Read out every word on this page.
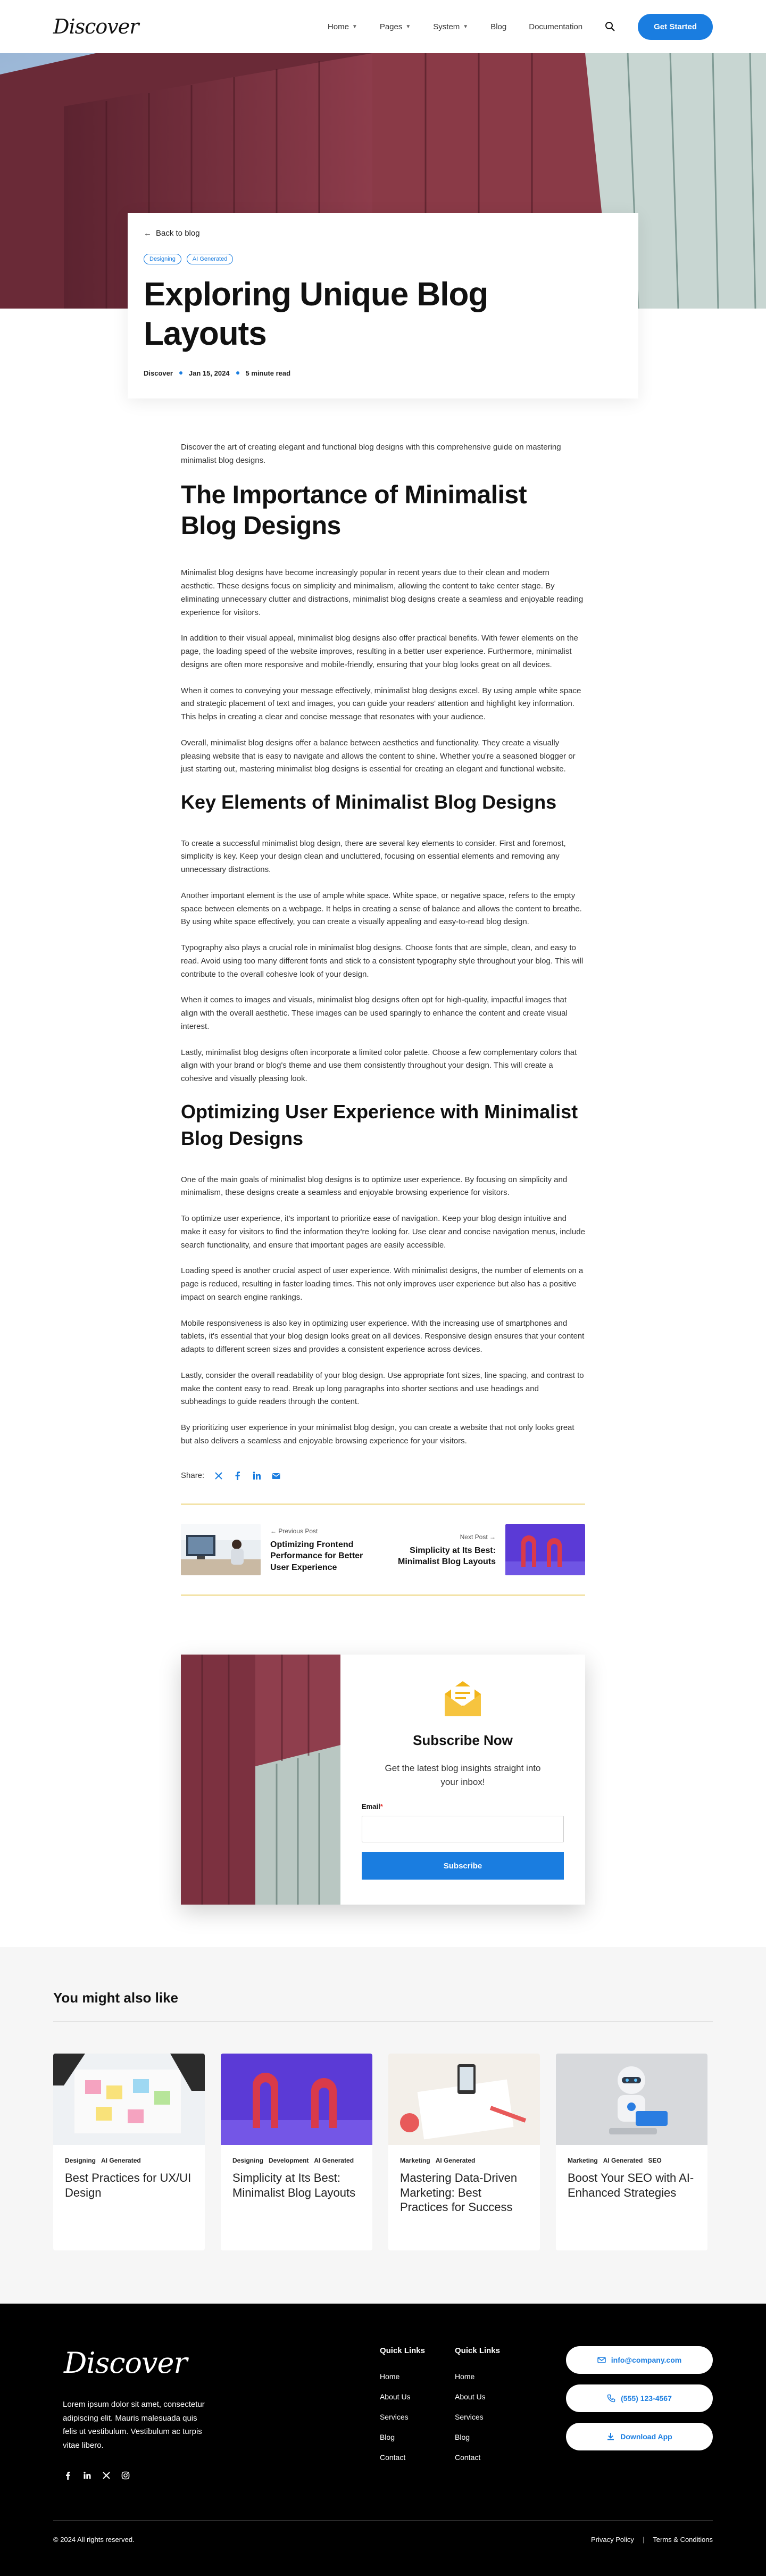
Discover	Home ▼	Pages ▼	System ▼	Blog	Documentation	Get Started
← Back to blog
Designing	AI Generated
Exploring Unique Blog Layouts
Discover Jan 15, 2024 5 minute read

Discover the art of creating elegant and functional blog designs with this comprehensive guide on mastering minimalist blog designs.

The Importance of Minimalist Blog Designs

Minimalist blog designs have become increasingly popular in recent years due to their clean and modern aesthetic. These designs focus on simplicity and minimalism, allowing the content to take center stage. By eliminating unnecessary clutter and distractions, minimalist blog designs create a seamless and enjoyable reading experience for visitors.

In addition to their visual appeal, minimalist blog designs also offer practical benefits. With fewer elements on the page, the loading speed of the website improves, resulting in a better user experience. Furthermore, minimalist designs are often more responsive and mobile-friendly, ensuring that your blog looks great on all devices.

When it comes to conveying your message effectively, minimalist blog designs excel. By using ample white space and strategic placement of text and images, you can guide your readers' attention and highlight key information. This helps in creating a clear and concise message that resonates with your audience.

Overall, minimalist blog designs offer a balance between aesthetics and functionality. They create a visually pleasing website that is easy to navigate and allows the content to shine. Whether you're a seasoned blogger or just starting out, mastering minimalist blog designs is essential for creating an elegant and functional website.

Key Elements of Minimalist Blog Designs

To create a successful minimalist blog design, there are several key elements to consider. First and foremost, simplicity is key. Keep your design clean and uncluttered, focusing on essential elements and removing any unnecessary distractions.

Another important element is the use of ample white space. White space, or negative space, refers to the empty space between elements on a webpage. It helps in creating a sense of balance and allows the content to breathe. By using white space effectively, you can create a visually appealing and easy-to-read blog design.

Typography also plays a crucial role in minimalist blog designs. Choose fonts that are simple, clean, and easy to read. Avoid using too many different fonts and stick to a consistent typography style throughout your blog. This will contribute to the overall cohesive look of your design.

When it comes to images and visuals, minimalist blog designs often opt for high-quality, impactful images that align with the overall aesthetic. These images can be used sparingly to enhance the content and create visual interest.

Lastly, minimalist blog designs often incorporate a limited color palette. Choose a few complementary colors that align with your brand or blog's theme and use them consistently throughout your design. This will create a cohesive and visually pleasing look.

Optimizing User Experience with Minimalist Blog Designs

One of the main goals of minimalist blog designs is to optimize user experience. By focusing on simplicity and minimalism, these designs create a seamless and enjoyable browsing experience for visitors.

To optimize user experience, it's important to prioritize ease of navigation. Keep your blog design intuitive and make it easy for visitors to find the information they're looking for. Use clear and concise navigation menus, include search functionality, and ensure that important pages are easily accessible.

Loading speed is another crucial aspect of user experience. With minimalist designs, the number of elements on a page is reduced, resulting in faster loading times. This not only improves user experience but also has a positive impact on search engine rankings.

Mobile responsiveness is also key in optimizing user experience. With the increasing use of smartphones and tablets, it's essential that your blog design looks great on all devices. Responsive design ensures that your content adapts to different screen sizes and provides a consistent experience across devices.

Lastly, consider the overall readability of your blog design. Use appropriate font sizes, line spacing, and contrast to make the content easy to read. Break up long paragraphs into shorter sections and use headings and subheadings to guide readers through the content.

By prioritizing user experience in your minimalist blog design, you can create a website that not only looks great but also delivers a seamless and enjoyable browsing experience for your visitors.

Share:
← Previous Post
Optimizing Frontend Performance for Better User Experience
Next Post →
Simplicity at Its Best: Minimalist Blog Layouts
Subscribe Now
Get the latest blog insights straight into your inbox!
Email*
Subscribe
You might also like
Designing AI Generated
Best Practices for UX/UI Design
Designing Development AI Generated
Simplicity at Its Best: Minimalist Blog Layouts
Marketing AI Generated
Mastering Data-Driven Marketing: Best Practices for Success
Marketing AI Generated SEO
Boost Your SEO with AI-Enhanced Strategies
Discover

Lorem ipsum dolor sit amet, consectetur adipiscing elit. Mauris malesuada quis felis ut vestibulum. Vestibulum ac turpis vitae libero.

Quick Links
Home
About Us
Services
Blog
Contact
Quick Links
Home
About Us
Services
Blog
Contact
info@company.com
(555) 123-4567
Download App
© 2024 All rights reserved.	Privacy Policy | Terms & Conditions
